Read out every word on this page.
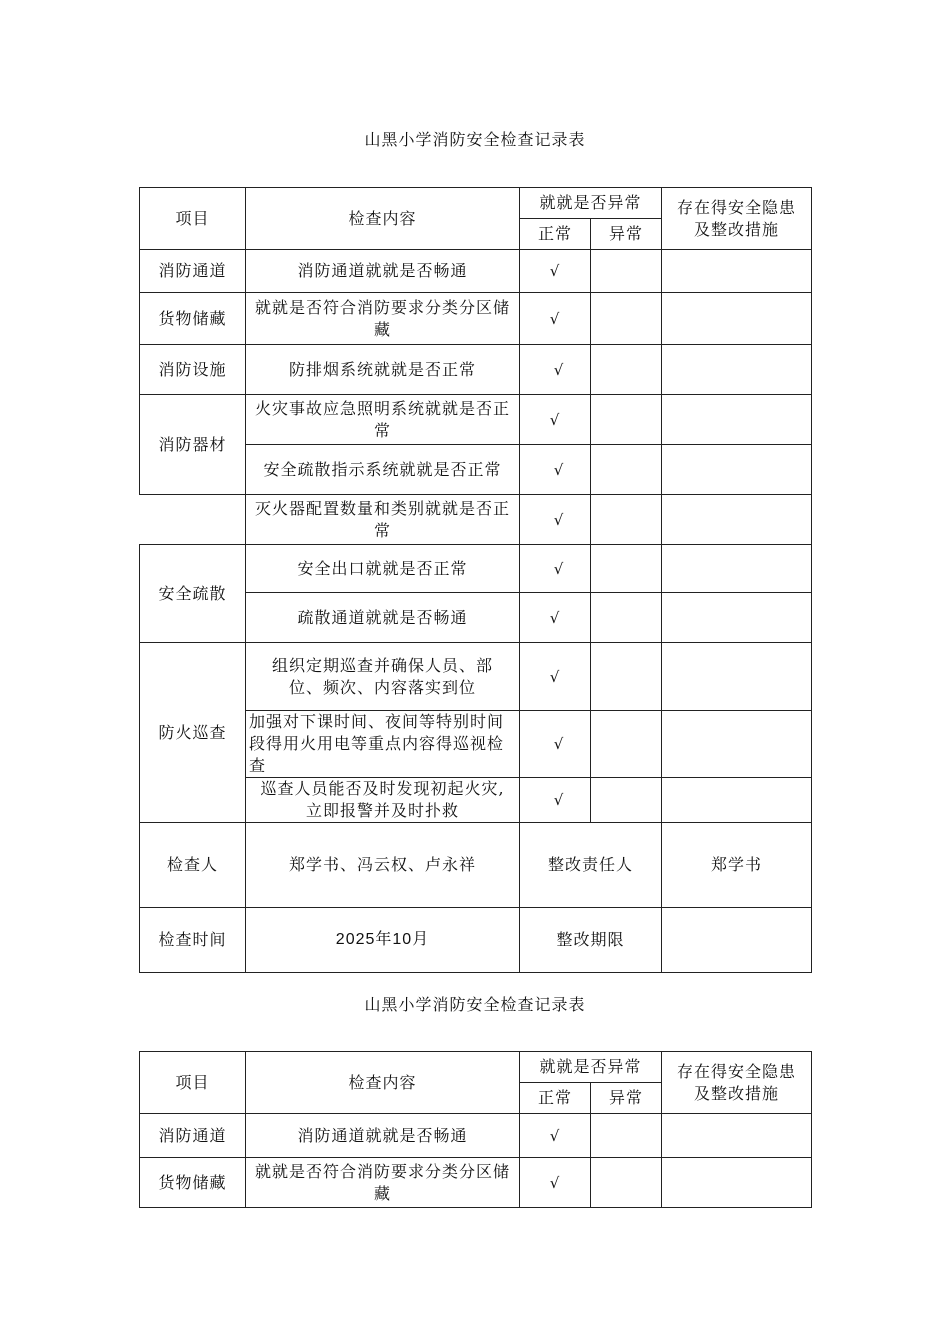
山黑小学消防安全检查记录表
项目	检查内容	就就是否异常		存在得安全隐患及整改措施
		正常	异常	
消防通道	消防通道就就是否畅通	√		
货物储藏	就就是否符合消防要求分类分区储藏	√		
消防设施	防排烟系统就就是否正常	√		
消防器材	火灾事故应急照明系统就就是否正常	√		
	安全疏散指示系统就就是否正常	√		
	灭火器配置数量和类别就就是否正常	√		
安全疏散	安全出口就就是否正常	√		
	疏散通道就就是否畅通	√		
防火巡查	组织定期巡查并确保人员、部位、频次、内容落实到位	√		
	加强对下课时间、夜间等特别时间段得用火用电等重点内容得巡视检查	√		
	巡查人员能否及时发现初起火灾,立即报警并及时扑救	√		
检查人	郑学书、冯云权、卢永祥	整改责任人		郑学书
检查时间	2025年10月	整改期限		
山黑小学消防安全检查记录表
项目	检查内容	就就是否异常		存在得安全隐患及整改措施
		正常	异常	
消防通道	消防通道就就是否畅通	√		
货物储藏	就就是否符合消防要求分类分区储藏	√		
